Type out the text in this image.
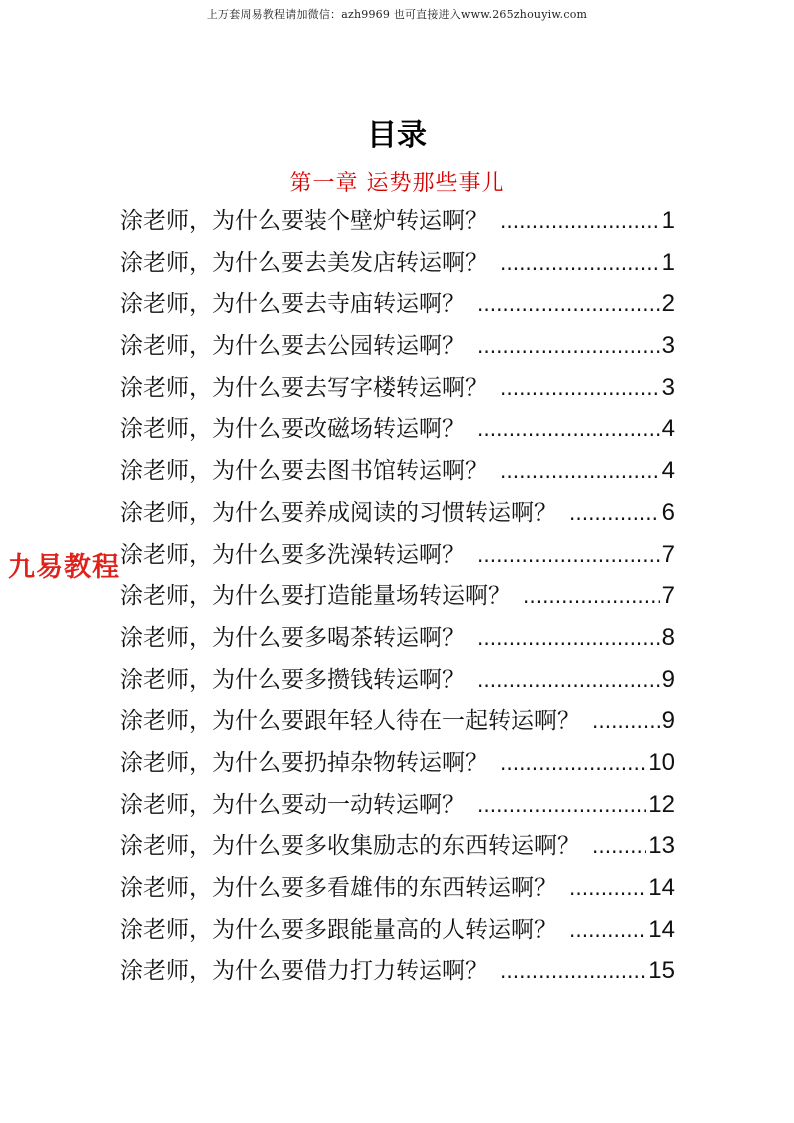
上万套周易教程请加微信：azh9969 也可直接进入www.265zhouyiw.com
目录
第一章 运势那些事儿
涂老师，为什么要装个壁炉转运啊？ .....	1
涂老师，为什么要去美发店转运啊？ .....	1
涂老师，为什么要去寺庙转运啊？ .....	2
涂老师，为什么要去公园转运啊？ .....	3
涂老师，为什么要去写字楼转运啊？ .....	3
涂老师，为什么要改磁场转运啊？ .....	4
涂老师，为什么要去图书馆转运啊？ .....	4
涂老师，为什么要养成阅读的习惯转运啊？ .....	6
涂老师，为什么要多洗澡转运啊？ .....	7
涂老师，为什么要打造能量场转运啊？ .....	7
涂老师，为什么要多喝茶转运啊？ .....	8
涂老师，为什么要多攒钱转运啊？ .....	9
涂老师，为什么要跟年轻人待在一起转运啊？ .....	9
涂老师，为什么要扔掉杂物转运啊？ .....	10
涂老师，为什么要动一动转运啊？ .....	12
涂老师，为什么要多收集励志的东西转运啊？ .....	13
涂老师，为什么要多看雄伟的东西转运啊？ .....	14
涂老师，为什么要多跟能量高的人转运啊？ .....	14
涂老师，为什么要借力打力转运啊？ .....	15
九易教程
